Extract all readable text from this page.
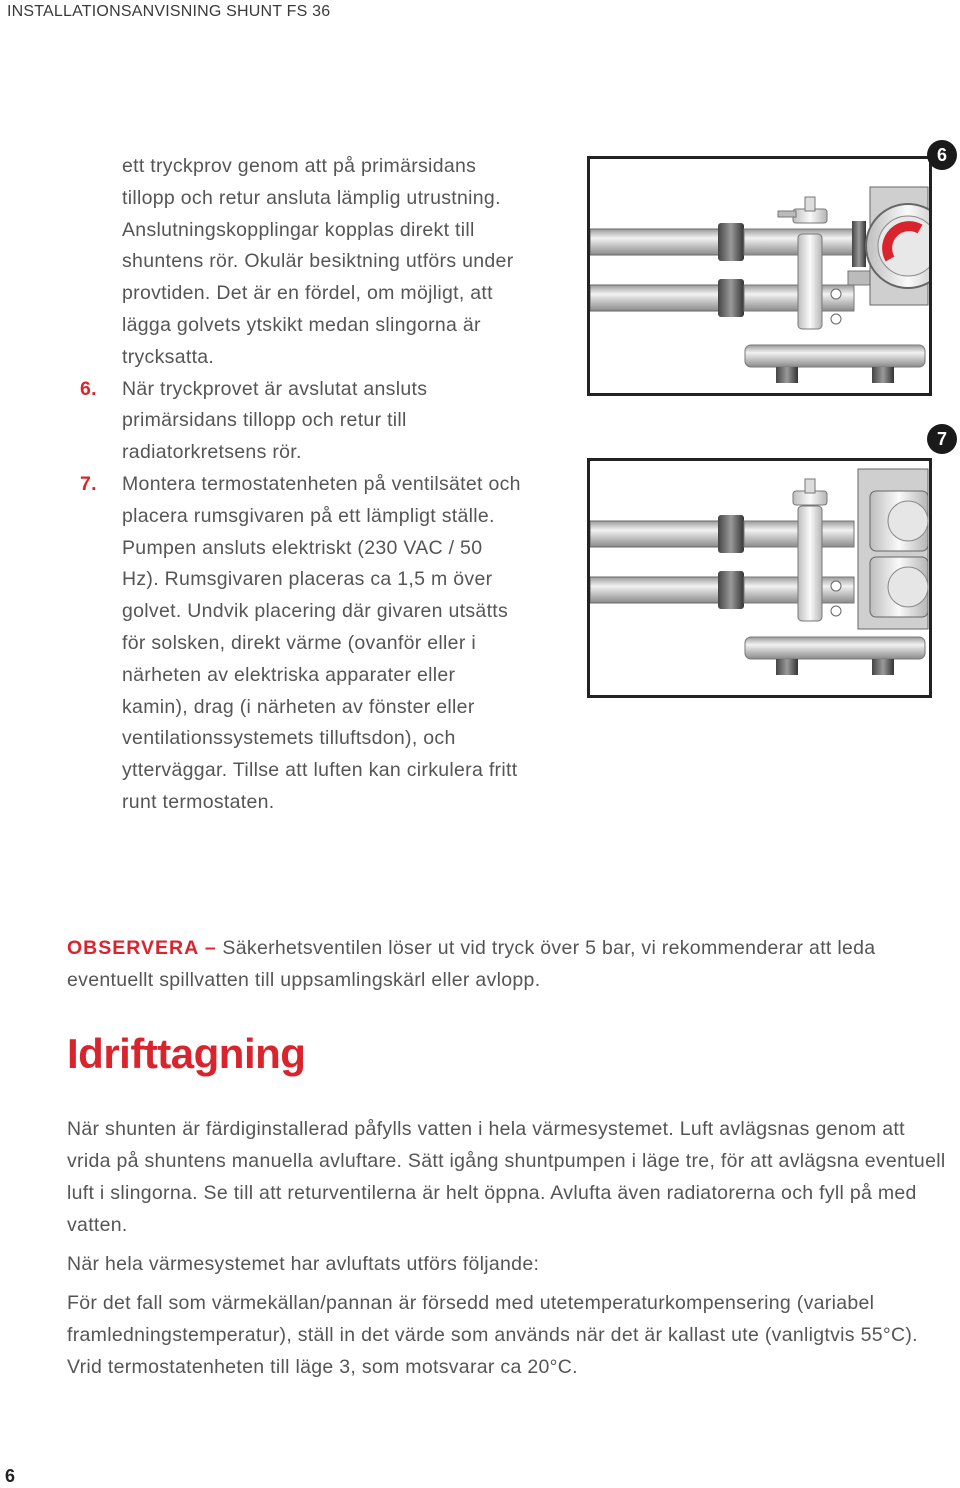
INSTALLATIONSANVISNING SHUNT FS 36

ett tryckprov genom att på primärsidans tillopp och retur ansluta lämplig utrustning. Anslutningskopplingar kopplas direkt till shuntens rör. Okulär besiktning utförs under provtiden. Det är en fördel, om möjligt, att lägga golvets ytskikt medan slingorna är trycksatta.

6. När tryckprovet är avslutat ansluts primärsidans tillopp och retur till radiatorkretsens rör.

7. Montera termostatenheten på ventilsätet och placera rumsgivaren på ett lämpligt ställe. Pumpen ansluts elektriskt (230 VAC / 50 Hz). Rumsgivaren placeras ca 1,5 m över golvet. Undvik placering där givaren utsätts för solsken, direkt värme (ovanför eller i närheten av elektriska apparater eller kamin), drag (i närheten av fönster eller ventilationssystemets tilluftsdon), och ytterväggar. Tillse att luften kan cirkulera fritt runt termostaten.

6
7
OBSERVERA – Säkerhetsventilen löser ut vid tryck över 5 bar, vi rekommenderar att leda eventuellt spillvatten till uppsamlingskärl eller avlopp.
Idrifttagning

När shunten är färdiginstallerad påfylls vatten i hela värmesystemet. Luft avlägsnas genom att vrida på shuntens manuella avluftare. Sätt igång shuntpumpen i läge tre, för att avlägsna eventuell luft i slingorna. Se till att returventilerna är helt öppna. Avlufta även radiatorerna och fyll på med vatten.

När hela värmesystemet har avluftats utförs följande:

För det fall som värmekällan/pannan är försedd med utetemperaturkompensering (variabel framledningstemperatur), ställ in det värde som används när det är kallast ute (vanligtvis 55°C). Vrid termostatenheten till läge 3, som motsvarar ca 20°C.

6
